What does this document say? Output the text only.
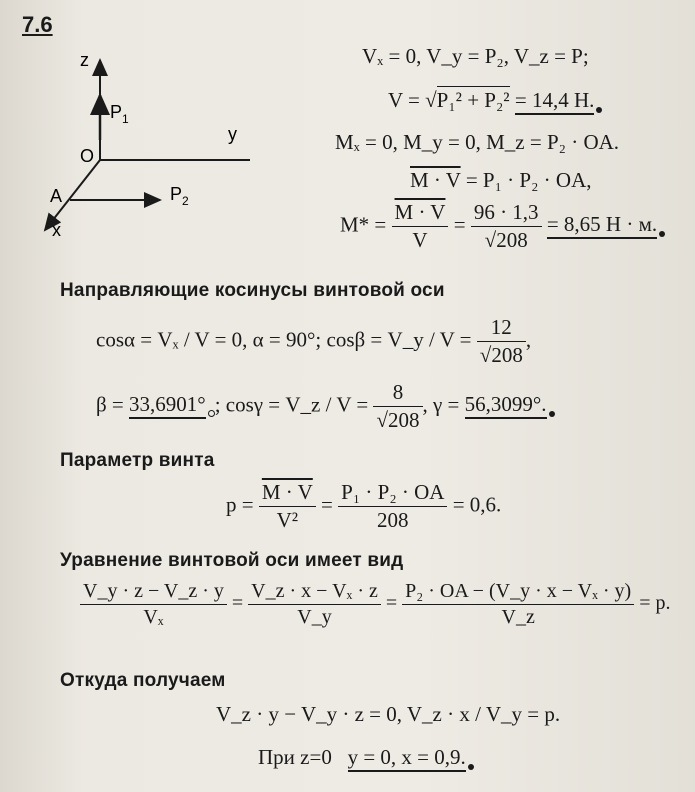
7.6
z
y
x
O
A
$P_1$
$P_2$
Vₓ = 0, V_y = P₂, V_z = P;
V = √P₁² + P₂² = 14,4 Н.
Mₓ = 0, M_y = 0, M_z = P₂ · OA.
M · V = P₁ · P₂ · OA,
$M* = \frac{M \cdot V}{V} = \frac{96 \cdot 1,3}{√208} = 8,65$ Н · м.
Направляющие косинусы винтовой оси
cosα = Vₓ / V = 0, α = 90°; cosβ = V_y / $V = \frac{12}{√208}$ ,
β = 33,6901° ; cosγ = V_z / $V = \frac{8}{√208}$ , γ = 56,3099°.
Параметр винта
$p = \frac{M \cdot V}{\text{V²}} = \frac{\text{P₁ · P₂ · OA}}{208} = 0,6$.
Уравнение винтовой оси имеет вид
$\frac{V\_y \cdot z - V\_z \cdot y}{\text{Vₓ}} = \frac{\text{V\_z · x − Vₓ · z}}{V\_y} = \frac{\text{P₂ · OA − (V\_y · x − Vₓ · y)}}{V\_z} = p$.
Откуда получаем
V_z · y − V_y · z = 0, V_z · x / V_y = p.
При z=0 y = 0, x = 0,9.
